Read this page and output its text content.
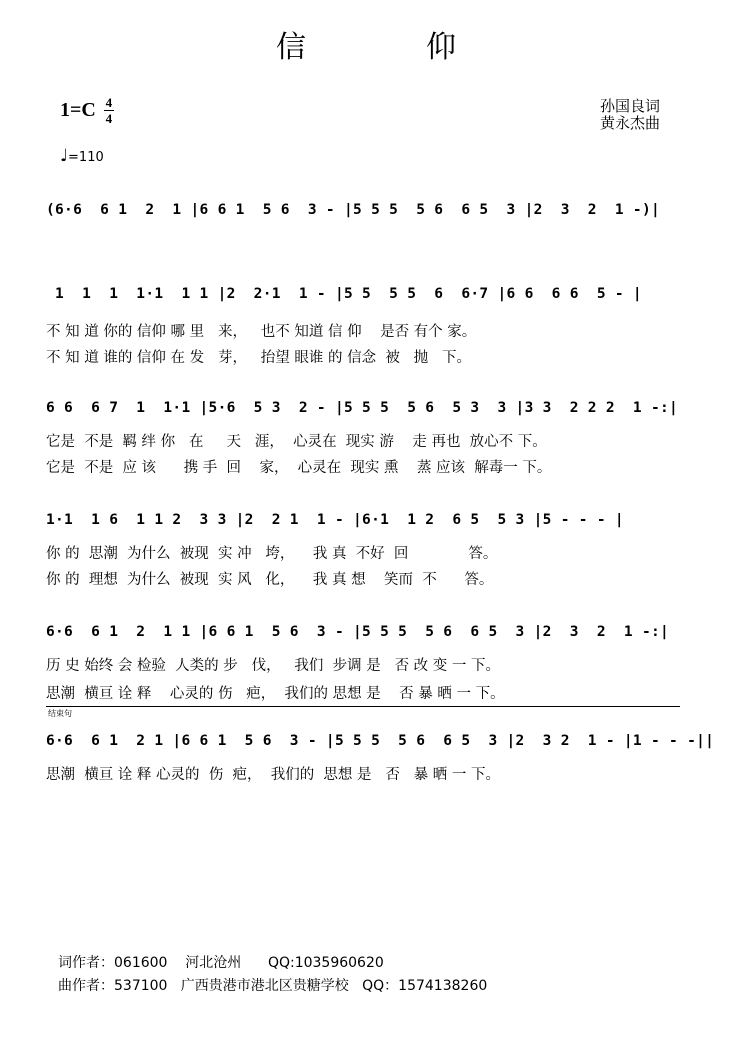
信　　　　仰
1=C 4
4
孙国良词
黄永杰曲
♩=110
(6·6  6 1  2  1 |6 6 1  5 6  3 - |5 5 5  5 6  6 5  3 |2  3  2  1 -)|
1  1  1  1·1  1 1 |2  2·1  1 - |5 5  5 5  6  6·7 |6 6  6 6  5 - |
不 知 道 你的 信仰 哪 里   来，   也不 知道 信 仰    是否 有个 家。
不 知 道 谁的 信仰 在 发   芽，   抬望 眼谁 的 信念  被   抛   下。
6 6  6 7  1  1·1 |5·6  5 3  2 - |5 5 5  5 6  5 3  3 |3 3  2 2 2  1 -:|
它是  不是  羁 绊 你   在     天   涯，  心灵在  现实 游    走 再也  放心不 下。
它是  不是  应 该      携 手  回    家，  心灵在  现实 熏    蒸 应该  解毒一 下。
1·1  1 6  1 1 2  3 3 |2  2 1  1 - |6·1  1 2  6 5  5 3 |5 - - - |
你 的  思潮  为什么  被现  实 冲   垮，    我 真  不好  回             答。
你 的  理想  为什么  被现  实 风   化，    我 真 想    笑而  不      答。
6·6  6 1  2  1 1 |6 6 1  5 6  3 - |5 5 5  5 6  6 5  3 |2  3  2  1 -:|
历 史 始终 会 检验  人类的 步   伐，   我们  步调 是   否 改 变 一 下。
思潮  横亘 诠 释    心灵的 伤   疤，  我们的 思想 是    否 暴 晒 一 下。
结束句
6·6  6 1  2 1 |6 6 1  5 6  3 - |5 5 5  5 6  6 5  3 |2  3 2  1 - |1 - - -||
思潮  横亘 诠 释 心灵的  伤  疤，  我们的  思想 是   否   暴 晒 一 下。
词作者：061600    河北沧州      QQ:1035960620
曲作者：537100   广西贵港市港北区贵糖学校   QQ：1574138260
